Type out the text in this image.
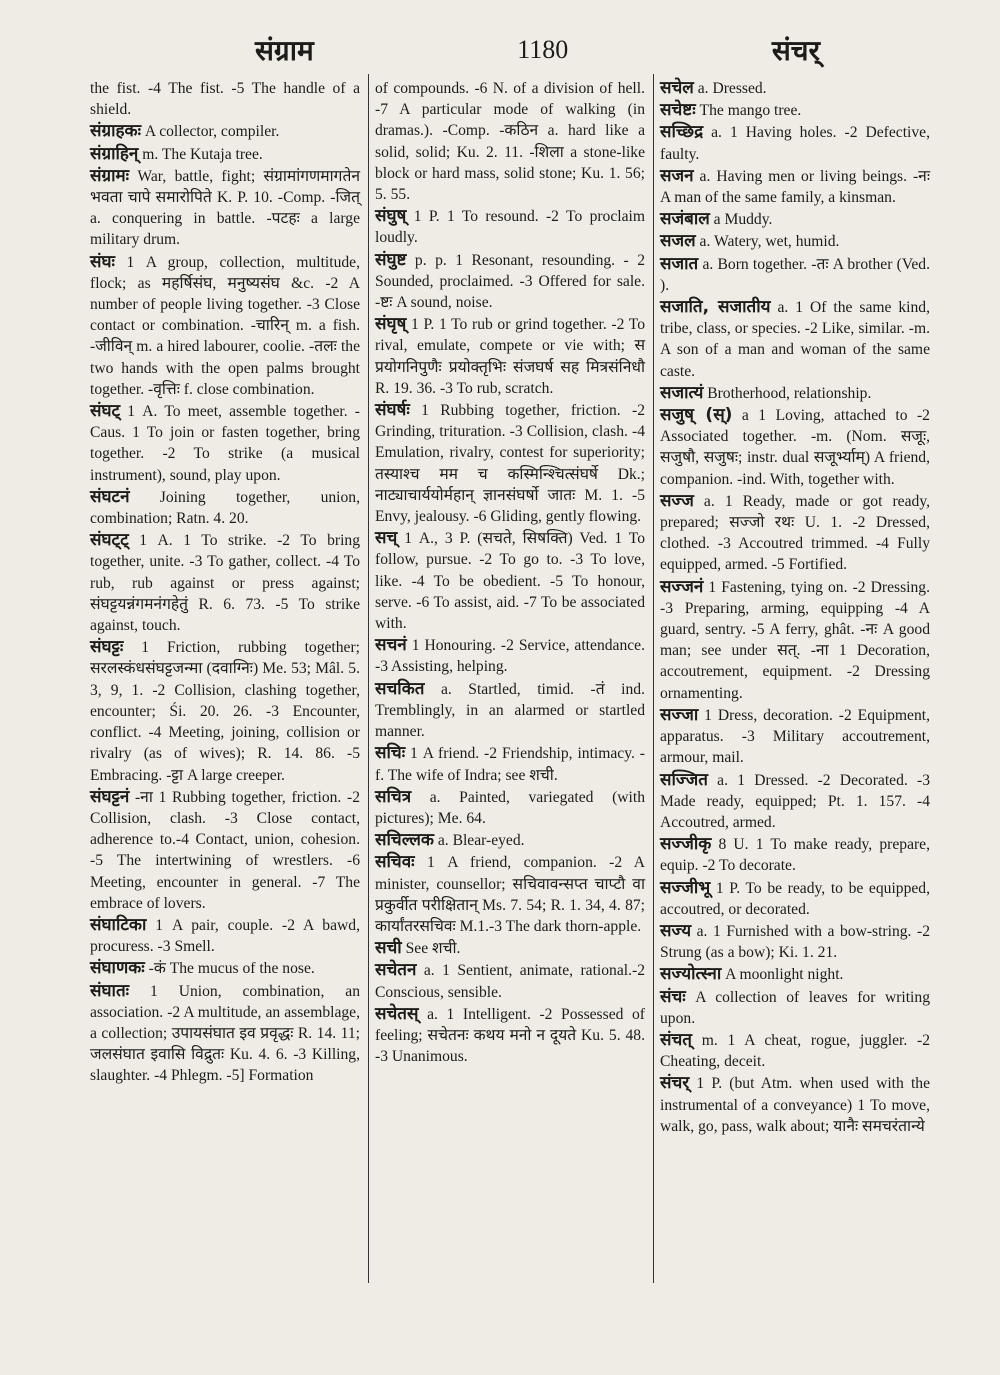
संग्राम	1180	संचर्
the fist. -4 The fist. -5 The handle of a shield.
संग्राहकः A collector, compiler.
संग्राहिन् m. The Kutaja tree.
संग्रामः War, battle, fight; संग्रामांगणमागतेन भवता चापे समारोपिते K. P. 10. -Comp. -जित् a. conquering in battle. -पटहः a large military drum.
संघः 1 A group, collection, multitude, flock; as महर्षिसंघ, मनुष्यसंघ &c. -2 A number of people living together. -3 Close contact or combination. -चारिन् m. a fish. -जीविन् m. a hired labourer, coolie. -तलः the two hands with the open palms brought together. -वृत्तिः f. close combination.
संघट् 1 A. To meet, assemble together. -Caus. 1 To join or fasten together, bring together. -2 To strike (a musical instrument), sound, play upon.
संघटनं Joining together, union, combination; Ratn. 4. 20.
संघट्ट् 1 A. 1 To strike. -2 To bring together, unite. -3 To gather, collect. -4 To rub, rub against or press against; संघट्टयन्नंगमनंगहेतुं R. 6. 73. -5 To strike against, touch.
संघट्टः 1 Friction, rubbing together; सरलस्कंधसंघट्टजन्मा (दवाग्निः) Me. 53; Mâl. 5. 3, 9, 1. -2 Collision, clashing together, encounter; Śi. 20. 26. -3 Encounter, conflict. -4 Meeting, joining, collision or rivalry (as of wives); R. 14. 86. -5 Embracing. -ट्टा A large creeper.
संघट्टनं -ना 1 Rubbing together, friction. -2 Collision, clash. -3 Close contact, adherence to.-4 Contact, union, cohesion. -5 The intertwining of wrestlers. -6 Meeting, encounter in general. -7 The embrace of lovers.
संघाटिका 1 A pair, couple. -2 A bawd, procuress. -3 Smell.
संघाणकः -कं The mucus of the nose.
संघातः 1 Union, combination, an association. -2 A multitude, an assemblage, a collection; उपायसंघात इव प्रवृद्धः R. 14. 11; जलसंघात इवासि विद्रुतः Ku. 4. 6. -3 Killing, slaughter. -4 Phlegm. -5] Formation
of compounds. -6 N. of a division of hell. -7 A particular mode of walking (in dramas.). -Comp. -कठिन a. hard like a solid, solid; Ku. 2. 11. -शिला a stone-like block or hard mass, solid stone; Ku. 1. 56; 5. 55.
संघुष् 1 P. 1 To resound. -2 To proclaim loudly.
संघुष्ट p. p. 1 Resonant, resounding. - 2 Sounded, proclaimed. -3 Offered for sale. -ष्टः A sound, noise.
संघृष् 1 P. 1 To rub or grind together. -2 To rival, emulate, compete or vie with; स प्रयोगनिपुणैः प्रयोक्तृभिः संजघर्ष सह मित्रसंनिधौ R. 19. 36. -3 To rub, scratch.
संघर्षः 1 Rubbing together, friction. -2 Grinding, trituration. -3 Collision, clash. -4 Emulation, rivalry, contest for superiority; तस्याश्च मम च कस्मिन्श्चित्संघर्षे Dk.; नाट्याचार्ययोर्महान् ज्ञानसंघर्षो जातः M. 1. -5 Envy, jealousy. -6 Gliding, gently flowing.
सच् 1 A., 3 P. (सचते, सिषक्ति) Ved. 1 To follow, pursue. -2 To go to. -3 To love, like. -4 To be obedient. -5 To honour, serve. -6 To assist, aid. -7 To be associated with.
सचनं 1 Honouring. -2 Service, attendance. -3 Assisting, helping.
सचकित a. Startled, timid. -तं ind. Tremblingly, in an alarmed or startled manner.
सचिः 1 A friend. -2 Friendship, intimacy. -f. The wife of Indra; see शची.
सचित्र a. Painted, variegated (with pictures); Me. 64.
सचिल्लक a. Blear-eyed.
सचिवः 1 A friend, companion. -2 A minister, counsellor; सचिवावन्सप्त चाप्टौ वा प्रकुर्वीत परीक्षितान् Ms. 7. 54; R. 1. 34, 4. 87; कार्यांतरसचिवः M.1.-3 The dark thorn-apple.
सची See शची.
सचेतन a. 1 Sentient, animate, rational.-2 Conscious, sensible.
सचेतस् a. 1 Intelligent. -2 Possessed of feeling; सचेतनः कथय मनो न दूयते Ku. 5. 48. -3 Unanimous.
सचेल a. Dressed.
सचेष्टः The mango tree.
सच्छिद्र a. 1 Having holes. -2 Defective, faulty.
सजन a. Having men or living beings. -नः A man of the same family, a kinsman.
सजंबाल a Muddy.
सजल a. Watery, wet, humid.
सजात a. Born together. -तः A brother (Ved. ).
सजाति, सजातीय a. 1 Of the same kind, tribe, class, or species. -2 Like, similar. -m. A son of a man and woman of the same caste.
सजात्यं Brotherhood, relationship.
सजुष् (स्) a 1 Loving, attached to -2 Associated together. -m. (Nom. सजूः, सजुषौ, सजुषः; instr. dual सजूर्भ्याम्) A friend, companion. -ind. With, together with.
सज्ज a. 1 Ready, made or got ready, prepared; सज्जो रथः U. 1. -2 Dressed, clothed. -3 Accoutred trimmed. -4 Fully equipped, armed. -5 Fortified.
सज्जनं 1 Fastening, tying on. -2 Dressing. -3 Preparing, arming, equipping -4 A guard, sentry. -5 A ferry, ghât. -नः A good man; see under सत्. -ना 1 Decoration, accoutrement, equipment. -2 Dressing ornamenting.
सज्जा 1 Dress, decoration. -2 Equipment, apparatus. -3 Military accoutrement, armour, mail.
सज्जित a. 1 Dressed. -2 Decorated. -3 Made ready, equipped; Pt. 1. 157. -4 Accoutred, armed.
सज्जीकृ 8 U. 1 To make ready, prepare, equip. -2 To decorate.
सज्जीभू 1 P. To be ready, to be equipped, accoutred, or decorated.
सज्य a. 1 Furnished with a bow-string. -2 Strung (as a bow); Ki. 1. 21.
सज्योत्स्ना A moonlight night.
संचः A collection of leaves for writing upon.
संचत् m. 1 A cheat, rogue, juggler. -2 Cheating, deceit.
संचर् 1 P. (but Atm. when used with the instrumental of a conveyance) 1 To move, walk, go, pass, walk about; यानैः समचरंतान्ये
